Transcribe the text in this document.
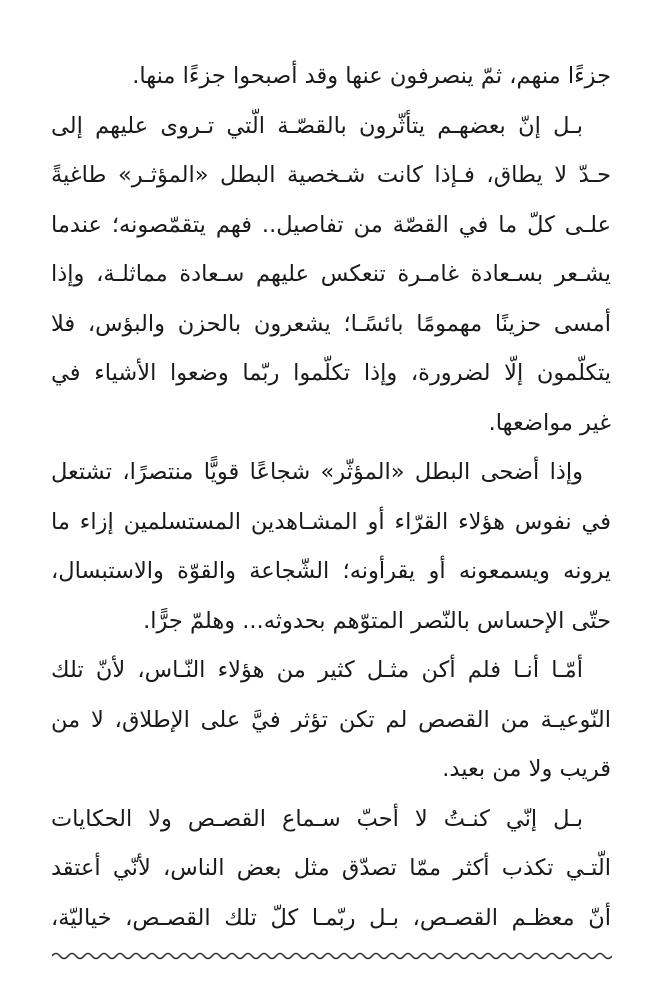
جزءًا منهم، ثمّ ينصرفون عنها وقد أصبحوا جزءًا منها.
بـل إنّ بعضهـم يتأثّرون بالقصّـة الّتي تـروى عليهم إلى
حـدّ لا يطاق، فـإذا كانت شـخصية البطل «المؤثـر» طاغيةً
علـى كلّ ما في القصّة من تفاصيل.. فهم يتقمّصونه؛ عندما
يشـعر بسـعادة غامـرة تنعكس عليهم سـعادة مماثلـة، وإذا
أمسى حزينًا مهمومًا بائسًـا؛ يشعرون بالحزن والبؤس، فلا
يتكلّمون إلّا لضرورة، وإذا تكلّموا ربّما وضعوا الأشياء في
غير مواضعها.
وإذا أضحى البطل «المؤثّر» شجاعًا قويًّا منتصرًا، تشتعل
في نفوس هؤلاء القرّاء أو المشـاهدين المستسلمين إزاء ما
يرونه ويسمعونه أو يقرأونه؛ الشّجاعة والقوّة والاستبسال،
حتّى الإحساس بالنّصر المتوّهم بحدوثه... وهلمّ جرًّا.
أمّـا أنـا فلم أكن مثـل كثير من هؤلاء النّـاس، لأنّ تلك
النّوعيـة من القصص لم تكن تؤثر فيَّ على الإطلاق، لا من
قريب ولا من بعيد.
بـل إنّي كنـتُ لا أحبّ سـماع القصـص ولا الحكايات
الّتـي تكذب أكثر ممّا تصدّق مثل بعض الناس، لأنّي أعتقد
أنّ معظـم القصـص، بـل ربّمـا كلّ تلك القصـص، خياليّة،
